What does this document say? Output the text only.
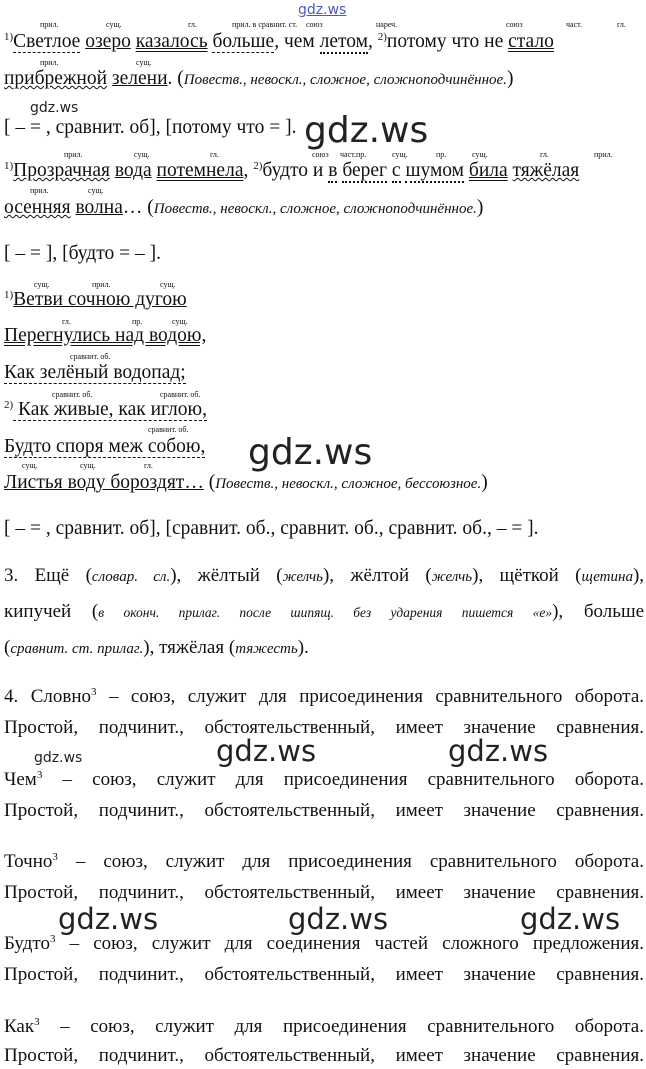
gdz.ws
gdz.ws
gdz.ws
gdz.ws
gdz.ws	gdz.ws	gdz.ws
gdz.ws	gdz.ws	gdz.ws
прил.	сущ.	гл.	прил. в сравнит. ст. союз	нареч.	союз	част.	гл.
прил.	сущ.
$^{1)}$Светлое озеро казалось больше, чем летом, $^{2)}$потому что не стало
прибрежной зелени. (Повеств., невоскл., сложное, сложноподчинённое.)
[ – = , сравнит. об], [потому что = ].
прил.	сущ.	гл.	союз част.пр.	сущ.	пр.	сущ.	гл.	прил.
прил.	сущ.
$^{1)}$Прозрачная вода потемнела, $^{2)}$будто и в берег с шумом била тяжёлая
осенняя волна… (Повеств., невоскл., сложное, сложноподчинённое.)
[ – = ], [будто = – ].
сущ.	прил.	сущ.
гл.	пр.	сущ.
сравнит. об.
сравнит. об.	сравнит. об.
сравнит. об.
сущ.	сущ.	гл.
$^{1)}$Ветви сочною дугою
Перегнулись над водою,
Как зелёный водопад;
$^{2)}$ Как живые, как иглою,
Будто споря меж собою,
Листья воду бороздят… (Повеств., невоскл., сложное, бессоюзное.)
[ – = , сравнит. об], [сравнит. об., сравнит. об., сравнит. об., – = ].
3. Ещё (словар. сл.), жёлтый (желчь), жёлтой (желчь), щёткой (щетина),
кипучей (в оконч. прилаг. после шипящ. без ударения пишется «е»), больше
(сравнит. ст. прилаг.), тяжёлая (тяжесть).
4. Словно$^3$ – союз, служит для присоединения сравнительного оборота.
Простой, подчинит., обстоятельственный, имеет значение сравнения.
Чем$^3$ – союз, служит для присоединения сравнительного оборота.
Простой, подчинит., обстоятельственный, имеет значение сравнения.
Точно$^3$ – союз, служит для присоединения сравнительного оборота.
Простой, подчинит., обстоятельственный, имеет значение сравнения.
Будто$^3$ – союз, служит для соединения частей сложного предложения.
Простой, подчинит., обстоятельственный, имеет значение сравнения.
Как$^3$ – союз, служит для присоединения сравнительного оборота.
Простой, подчинит., обстоятельственный, имеет значение сравнения.
